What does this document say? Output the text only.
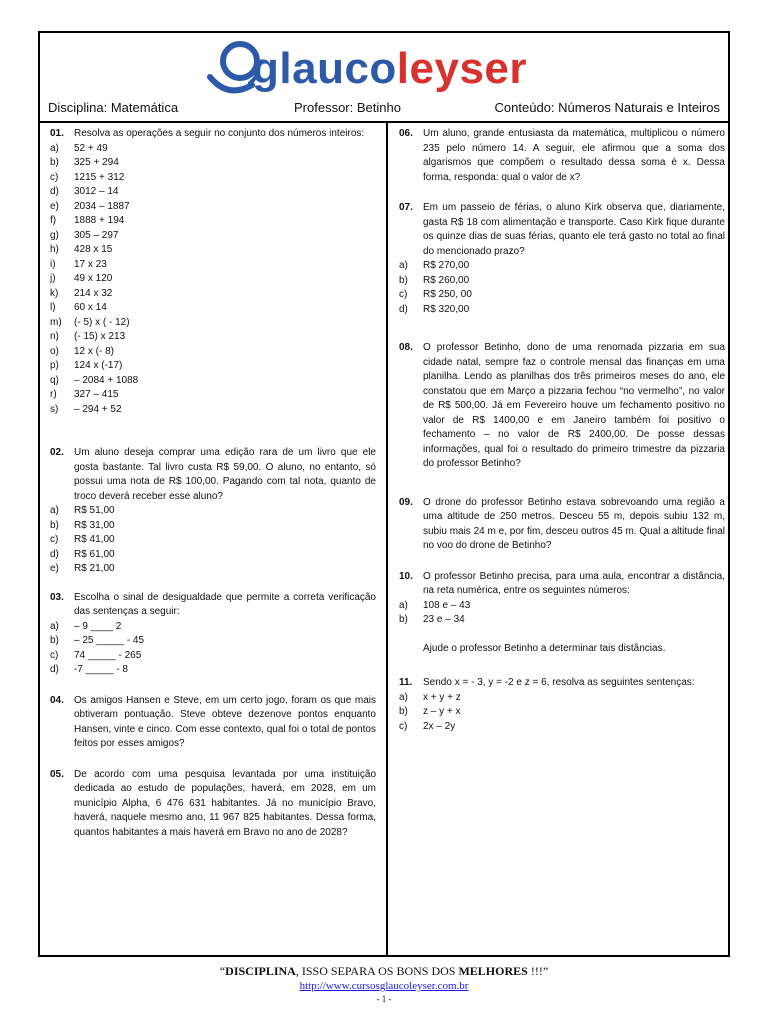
glaucoleyser
Disciplina: Matemática	Professor: Betinho	Conteúdo: Números Naturais e Inteiros
01.	Resolva as operações a seguir no conjunto dos números inteiros:
a)	52 + 49
b)	325 + 294
c)	1215 + 312
d)	3012 – 14
e)	2034 – 1887
f)	1888 + 194
g)	305 – 297
h)	428 x 15
i)	17 x 23
j)	49 x 120
k)	214 x 32
l)	60 x 14
m)	(- 5) x ( - 12)
n)	(- 15) x 213
o)	12 x (- 8)
p)	124 x (-17)
q)	– 2084 + 1088
r)	327 – 415
s)	– 294 + 52
02.	Um aluno deseja comprar uma edição rara de um livro que ele gosta bastante. Tal livro custa R$ 59,00. O aluno, no entanto, só possui uma nota de R$ 100,00. Pagando com tal nota, quanto de troco deverá receber esse aluno?
a)	R$ 51,00
b)	R$ 31,00
c)	R$ 41,00
d)	R$ 61,00
e)	R$ 21,00
03.	Escolha o sinal de desigualdade que permite a correta verificação das sentenças a seguir:
a)	– 9 ____ 2
b)	– 25 _____ - 45
c)	74 _____ - 265
d)	-7 _____ - 8
04.	Os amigos Hansen e Steve, em um certo jogo, foram os que mais obtiveram pontuação. Steve obteve dezenove pontos enquanto Hansen, vinte e cinco. Com esse contexto, qual foi o total de pontos feitos por esses amigos?
05.	De acordo com uma pesquisa levantada por uma instituição dedicada ao estudo de populações, haverá, em 2028, em um município Alpha, 6 476 631 habitantes. Já no município Bravo, haverá, naquele mesmo ano, 11 967 825 habitantes. Dessa forma, quantos habitantes a mais haverá em Bravo no ano de 2028?
06.	Um aluno, grande entusiasta da matemática, multiplicou o número 235 pelo número 14. A seguir, ele afirmou que a soma dos algarismos que compõem o resultado dessa soma é x. Dessa forma, responda: qual o valor de x?
07.	Em um passeio de férias, o aluno Kirk observa que, diariamente, gasta R$ 18 com alimentação e transporte. Caso Kirk fique durante os quinze dias de suas férias, quanto ele terá gasto no total ao final do mencionado prazo?
a)	R$ 270,00
b)	R$ 260,00
c)	R$ 250, 00
d)	R$ 320,00
08.	O professor Betinho, dono de uma renomada pizzaria em sua cidade natal, sempre faz o controle mensal das finanças em uma planilha. Lendo as planilhas dos três primeiros meses do ano, ele constatou que em Março a pizzaria fechou “no vermelho”, no valor de R$ 500,00. Já em Fevereiro houve um fechamento positivo no valor de R$ 1400,00 e em Janeiro também foi positivo o fechamento – no valor de R$ 2400,00. De posse dessas informações, qual foi o resultado do primeiro trimestre da pizzaria do professor Betinho?
09.	O drone do professor Betinho estava sobrevoando uma região a uma altitude de 250 metros. Desceu 55 m, depois subiu 132 m, subiu mais 24 m e, por fim, desceu outros 45 m. Qual a altitude final no voo do drone de Betinho?
10.	O professor Betinho precisa, para uma aula, encontrar a distância, na reta numérica, entre os seguintes números:
a)	108 e – 43
b)	23 e – 34
Ajude o professor Betinho a determinar tais distâncias.
11.	Sendo x = - 3, y = -2 e z = 6, resolva as seguintes sentenças:
a)	x + y + z
b)	z – y + x
c)	2x – 2y
“DISCIPLINA, ISSO SEPARA OS BONS DOS MELHORES !!!”
http://www.cursosglaucoleyser.com.br
- 1 -
